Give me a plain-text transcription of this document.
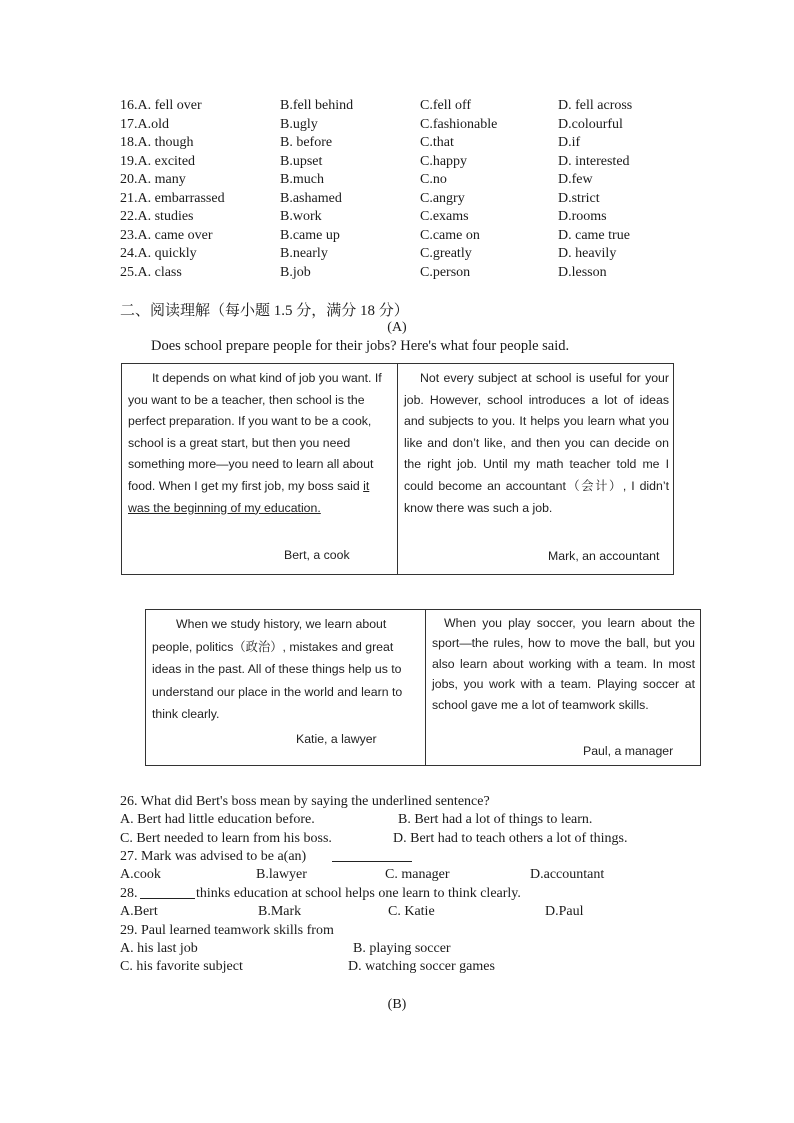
16.A. fell over	B.fell behind	C.fell off	D. fell across
17.A.old	B.ugly	C.fashionable	D.colourful
18.A. though	B. before	C.that	D.if
19.A. excited	B.upset	C.happy	D. interested
20.A. many	B.much	C.no	D.few
21.A. embarrassed	B.ashamed	C.angry	D.strict
22.A. studies	B.work	C.exams	D.rooms
23.A. came over	B.came up	C.came on	D. came true
24.A. quickly	B.nearly	C.greatly	D. heavily
25.A. class	B.job	C.person	D.lesson
二、阅读理解（每小题 1.5 分，满分 18 分）
(A)
Does school prepare people for their jobs? Here's what four people said.

It depends on what kind of job you want. If you want to be a teacher, then school is the perfect preparation. If you want to be a cook, school is a great start, but then you need something more—you need to learn all about food. When I get my first job, my boss said it was the beginning of my education.

Bert, a cook

Not every subject at school is useful for your job. However, school introduces a lot of ideas and subjects to you. It helps you learn what you like and don’t like, and then you can decide on the right job. Until my math teacher told me I could become an accountant（会计）, I didn’t know there was such a job.

Mark, an accountant

When we study history, we learn about people, politics（政治）, mistakes and great ideas in the past. All of these things help us to understand our place in the world and learn to think clearly.

Katie, a lawyer

When you play soccer, you learn about the sport—the rules, how to move the ball, but you also learn about working with a team. In most jobs, you work with a team. Playing soccer at school gave me a lot of teamwork skills.

Paul, a manager
26. What did Bert's boss mean by saying the underlined sentence?
A. Bert had little education before.	B. Bert had a lot of things to learn.
C. Bert needed to learn from his boss.	D. Bert had to teach others a lot of things.
27. Mark was advised to be a(an)
A.cook	B.lawyer	C. manager	D.accountant
28.	thinks education at school helps one learn to think clearly.
A.Bert	B.Mark	C. Katie	D.Paul
29. Paul learned teamwork skills from
A. his last job	B. playing soccer
C. his favorite subject	D. watching soccer games
(B)
